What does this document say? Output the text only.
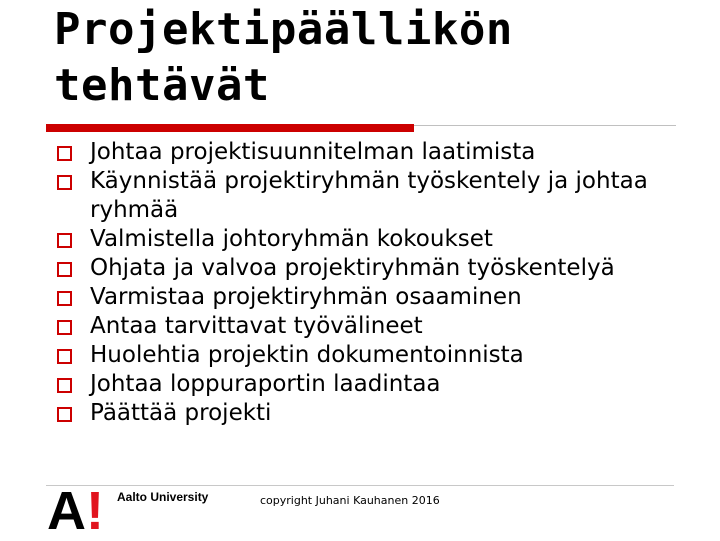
Projektipäällikön
tehtävät
Johtaa projektisuunnitelman laatimista
Käynnistää projektiryhmän työskentely ja johtaa ryhmää
Valmistella johtoryhmän kokoukset
Ohjata ja valvoa projektiryhmän työskentelyä
Varmistaa projektiryhmän osaaminen
Antaa tarvittavat työvälineet
Huolehtia projektin dokumentoinnista
Johtaa loppuraportin laadintaa
Päättää projekti
A ! Aalto University	copyright Juhani Kauhanen 2016
